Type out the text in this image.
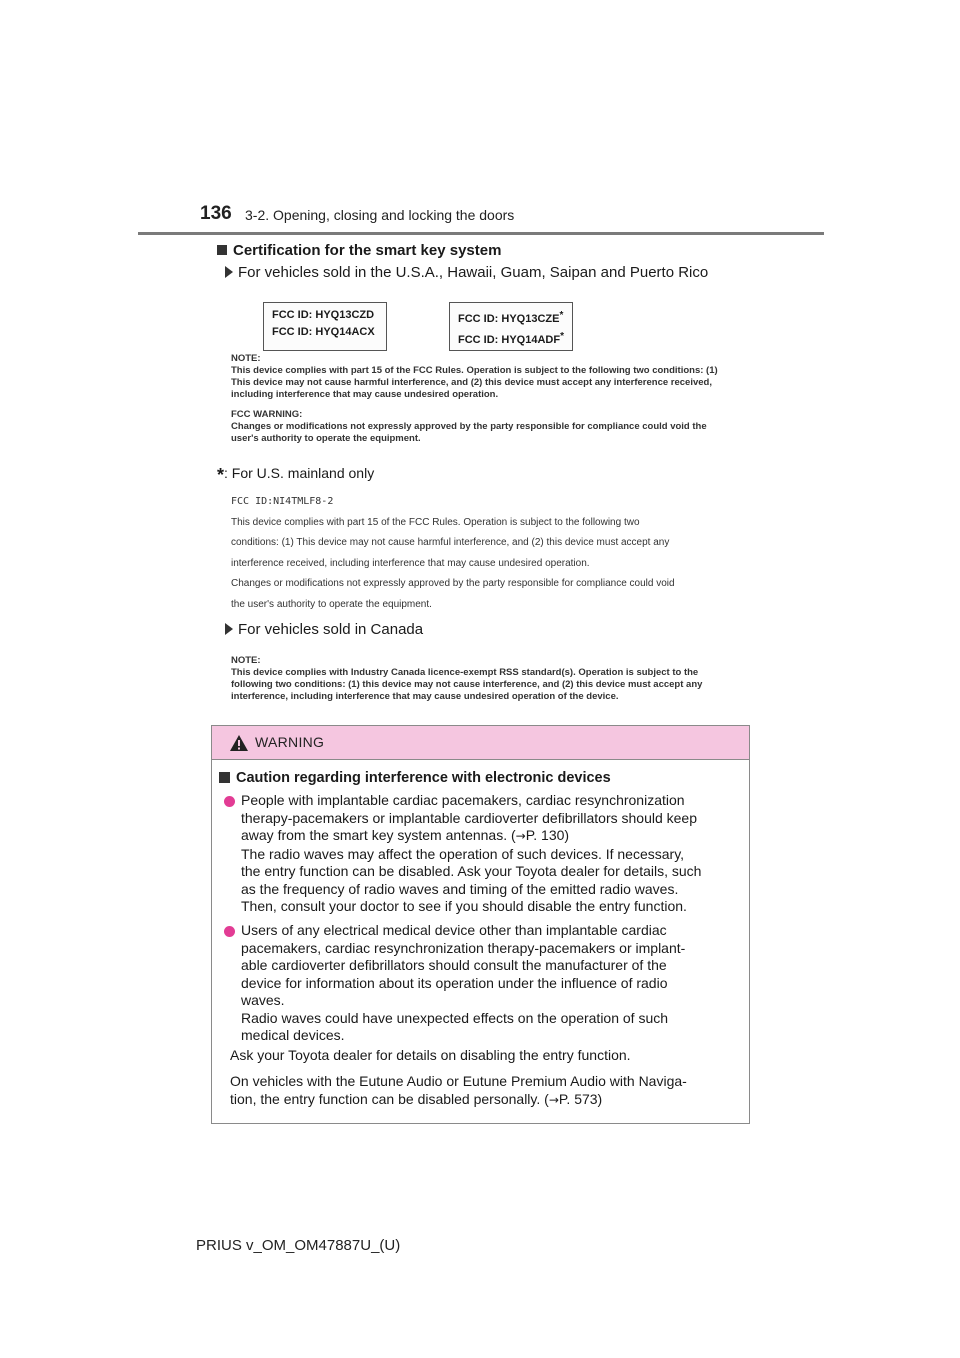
136 3-2. Opening, closing and locking the doors
Certification for the smart key system
For vehicles sold in the U.S.A., Hawaii, Guam, Saipan and Puerto Rico
FCC ID: HYQ13CZD
FCC ID: HYQ14ACX
FCC ID: HYQ13CZE*
FCC ID: HYQ14ADF*
NOTE:
This device complies with part 15 of the FCC Rules. Operation is subject to the following two conditions: (1)
This device may not cause harmful interference, and (2) this device must accept any interference received,
including interference that may cause undesired operation.
FCC WARNING:
Changes or modifications not expressly approved by the party responsible for compliance could void the
user's authority to operate the equipment.
*: For U.S. mainland only
FCC ID:NI4TMLF8-2
This device complies with part 15 of the FCC Rules. Operation is subject to the following two
conditions: (1) This device may not cause harmful interference, and (2) this device must accept any
interference received, including interference that may cause undesired operation.
Changes or modifications not expressly approved by the party responsible for compliance could void
the user's authority to operate the equipment.
For vehicles sold in Canada
NOTE:
This device complies with Industry Canada licence-exempt RSS standard(s). Operation is subject to the
following two conditions: (1) this device may not cause interference, and (2) this device must accept any
interference, including interference that may cause undesired operation of the device.
WARNING
Caution regarding interference with electronic devices
People with implantable cardiac pacemakers, cardiac resynchronization
therapy-pacemakers or implantable cardioverter defibrillators should keep
away from the smart key system antennas. (→P. 130)
The radio waves may affect the operation of such devices. If necessary,
the entry function can be disabled. Ask your Toyota dealer for details, such
as the frequency of radio waves and timing of the emitted radio waves.
Then, consult your doctor to see if you should disable the entry function.
Users of any electrical medical device other than implantable cardiac
pacemakers, cardiac resynchronization therapy-pacemakers or implant-
able cardioverter defibrillators should consult the manufacturer of the
device for information about its operation under the influence of radio
waves.
Radio waves could have unexpected effects on the operation of such
medical devices.
Ask your Toyota dealer for details on disabling the entry function.
On vehicles with the Eutune Audio or Eutune Premium Audio with Naviga-
tion, the entry function can be disabled personally. (→P. 573)
PRIUS v_OM_OM47887U_(U)
